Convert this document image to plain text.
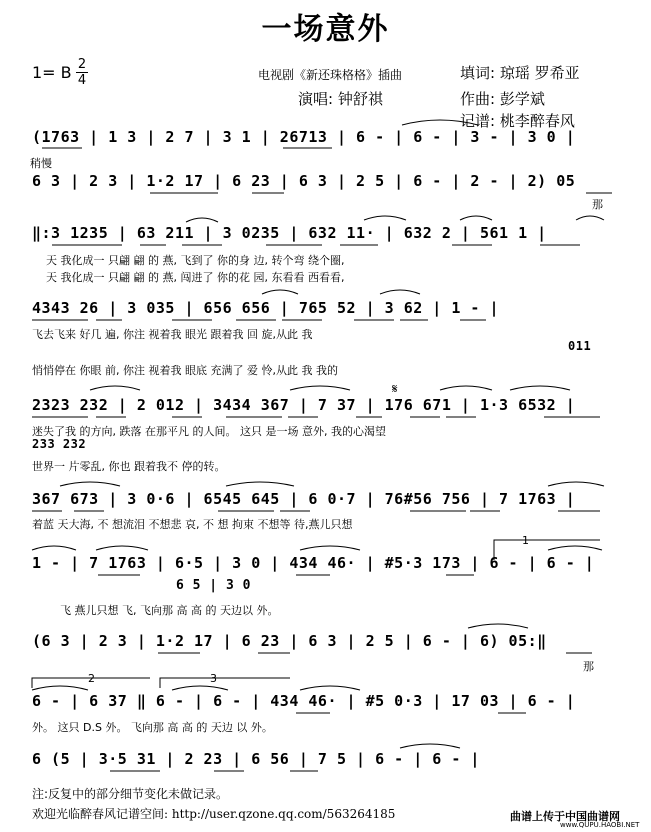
一场意外
1= B 2
4	电视剧《新还珠格格》插曲	填词: 琼瑶 罗希亚
演唱: 钟舒祺	作曲: 彭学斌
记谱: 桃李醉春风
(1763 | 1 3 | 2 7 | 3 1 | 26713 | 6 - | 6 - | 3 - | 3 0 |
稍慢
6 3 | 2 3 | 1·2 17 | 6 23 | 6 3 | 2 5 | 6 - | 2 - | 2) 05
那
‖:3 1235 | 63 211 | 3 0235 | 632 11· | 632 2 | 561 1 |
天 我化成一 只翩 翩 的 燕, 飞到了 你的身 边, 转个弯 绕个圈,
天 我化成一 只翩 翩 的 燕, 闯进了 你的花 园, 东看看 西看看,
4343 26 | 3 035 | 656 656 | 765 52 | 3 62 | 1 - |
飞去飞来 好几 遍, 你注 视着我 眼光 跟着我 回 旋,从此 我
011
悄悄停在 你眼 前, 你注 视着我 眼底 充满了 爱 怜,从此 我 我的
2323 232 | 2 012 | 3434 367 | 7 37 | 176 671 | 1·3 6532 |
迷失了我 的方向, 跌落 在那平凡 的人间。 这只 是一场 意外, 我的心渴望
233 232
世界一 片零乱, 你也 跟着我不 停的转。
𝄋
367 673 | 3 0·6 | 6545 645 | 6 0·7 | 76#56 756 | 7 1763 |
着蓝 天大海, 不 想流泪 不想悲 哀, 不 想 拘束 不想等 待,燕儿只想
1 - | 7 1763 | 6·5 | 3 0 | 434 46· | #5·3 173 | 6 - | 6 - |
6 5 | 3 0
飞 燕儿只想 飞, 飞向那 高 高 的 天边以 外。
1
(6 3 | 2 3 | 1·2 17 | 6 23 | 6 3 | 2 5 | 6 - | 6) 05:‖
那
6 - | 6 37 ‖ 6 - | 6 - | 434 46· | #5 0·3 | 17 03 | 6 - |
外。 这只 D.S 外。 飞向那 高 高 的 天边 以 外。
2	3
6 (5 | 3·5 31 | 2 23 | 6 56 | 7 5 | 6 - | 6 - |
注:反复中的部分细节变化未做记录。
欢迎光临醉春风记谱空间: http://user.qzone.qq.com/563264185	曲谱上传于中国曲谱网
www.QUPU.HAOBI.NET
